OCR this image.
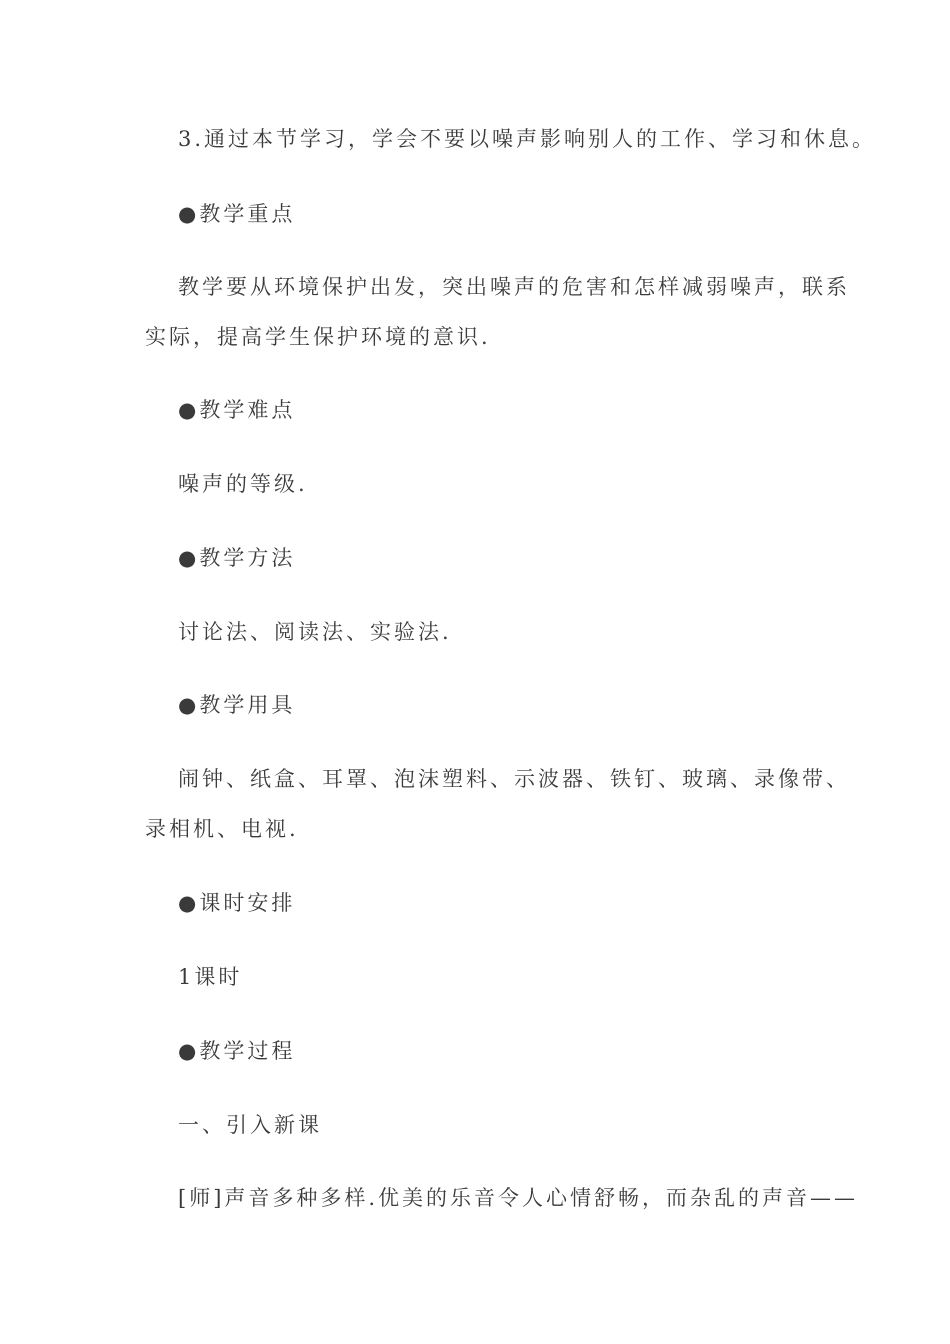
3.通过本节学习，学会不要以噪声影响别人的工作、学习和休息。
●教学重点
教学要从环境保护出发，突出噪声的危害和怎样减弱噪声，联系
实际，提高学生保护环境的意识.
●教学难点
噪声的等级.
●教学方法
讨论法、阅读法、实验法.
●教学用具
闹钟、纸盒、耳罩、泡沫塑料、示波器、铁钉、玻璃、录像带、
录相机、电视.
●课时安排
1课时
●教学过程
一、引入新课
[师]声音多种多样.优美的乐音令人心情舒畅，而杂乱的声音——
